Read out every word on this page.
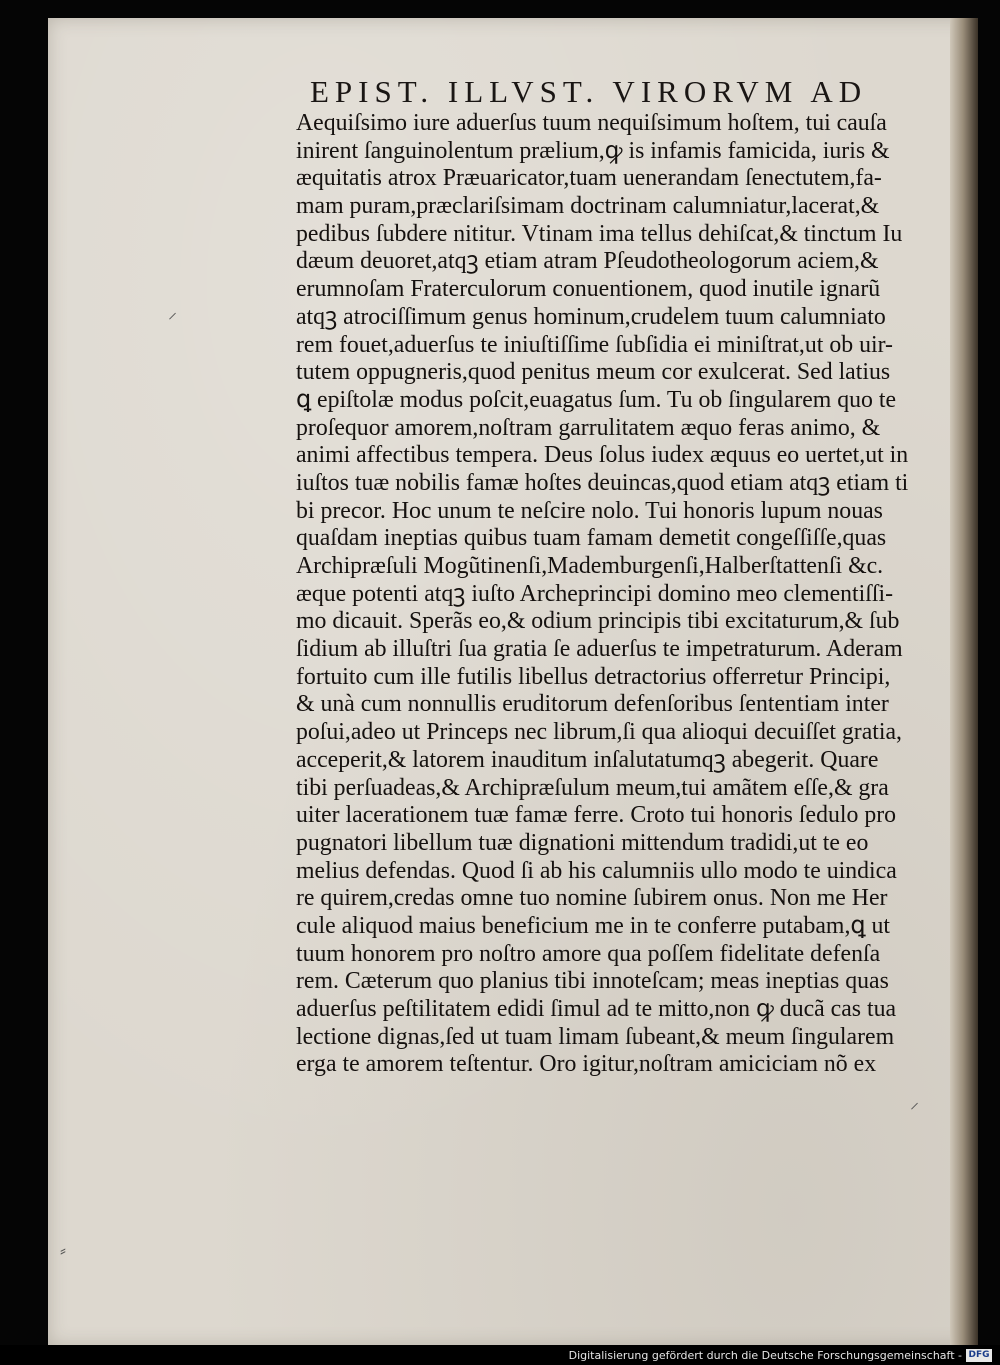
EPIST. ILLVST. VIRORVM AD
Aequiſsimo iure aduerſus tuum nequiſsimum hoſtem, tui cauſa
inirent ſanguinolentum prælium,ꝙ is infamis famicida, iuris &
æquitatis atrox Præuaricator,tuam uenerandam ſenectutem,fa-
mam puram,præclariſsimam doctrinam calumniatur,lacerat,&
pedibus ſubdere nititur. Vtinam ima tellus dehiſcat,& tinctum Iu
dæum deuoret,atqꝫ etiam atram Pſeudotheologorum aciem,&
erumnoſam Fraterculorum conuentionem, quod inutile ignarũ
atqꝫ atrociſſimum genus hominum,crudelem tuum calumniato
rem fouet,aduerſus te iniuſtiſſime ſubſidia ei miniſtrat,ut ob uir-
tutem oppugneris,quod penitus meum cor exulcerat. Sed latius
ꝗ epiſtolæ modus poſcit,euagatus ſum. Tu ob ſingularem quo te
proſequor amorem,noſtram garrulitatem æquo feras animo, &
animi affectibus tempera. Deus ſolus iudex æquus eo uertet,ut in
iuſtos tuæ nobilis famæ hoſtes deuincas,quod etiam atqꝫ etiam ti
bi precor. Hoc unum te neſcire nolo. Tui honoris lupum nouas
quaſdam ineptias quibus tuam famam demetit congeſſiſſe,quas
Archipræſuli Mogũtinenſi,Mademburgenſi,Halberſtattenſi &c.
æque potenti atqꝫ iuſto Archeprincipi domino meo clementiſſi-
mo dicauit. Sperãs eo,& odium principis tibi excitaturum,& ſub
ſidium ab illuſtri ſua gratia ſe aduerſus te impetraturum. Aderam
fortuito cum ille futilis libellus detractorius offerretur Principi,
& unà cum nonnullis eruditorum defenſoribus ſententiam inter
poſui,adeo ut Princeps nec librum,ſi qua alioqui decuiſſet gratia,
acceperit,& latorem inauditum inſalutatumqꝫ abegerit. Quare
tibi perſuadeas,& Archipræſulum meum,tui amãtem eſſe,& gra
uiter lacerationem tuæ famæ ferre. Croto tui honoris ſedulo pro
pugnatori libellum tuæ dignationi mittendum tradidi,ut te eo
melius defendas. Quod ſi ab his calumniis ullo modo te uindica
re quirem,credas omne tuo nomine ſubirem onus. Non me Her
cule aliquod maius beneficium me in te conferre putabam,ꝗ ut
tuum honorem pro noſtro amore qua poſſem fidelitate defenſa
rem. Cæterum quo planius tibi innoteſcam; meas ineptias quas
aduerſus peſtilitatem edidi ſimul ad te mitto,non ꝙ ducã cas tua
lectione dignas,ſed ut tuam limam ſubeant,& meum ſingularem
erga te amorem teſtentur. Oro igitur,noſtram amiciciam nõ ex
⸝
⸝
⸗
Digitalisierung gefördert durch die Deutsche Forschungsgemeinschaft - DFG
